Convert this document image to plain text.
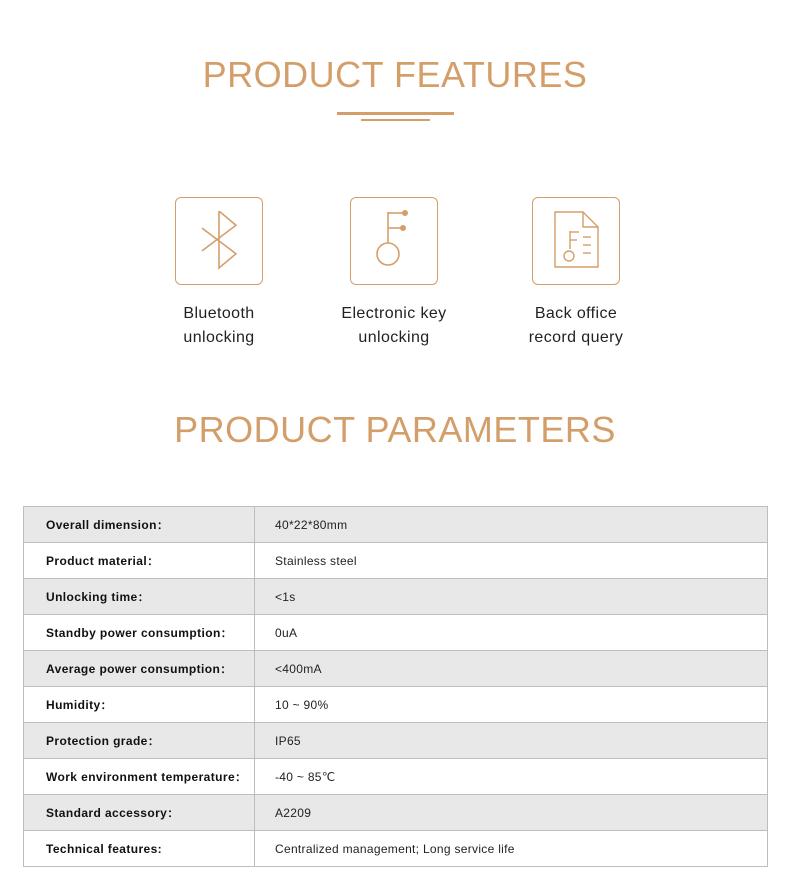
PRODUCT FEATURES
Bluetooth
unlocking
Electronic key
unlocking
Back office
record query
PRODUCT PARAMETERS
Overall dimension：	40*22*80mm
Product material：	Stainless steel
Unlocking time：	<1s
Standby power consumption：	0uA
Average power consumption：	<400mA
Humidity：	10 ~ 90%
Protection grade：	IP65
Work environment temperature：	-40 ~ 85℃
Standard accessory：	A2209
Technical features:	Centralized management; Long service life
